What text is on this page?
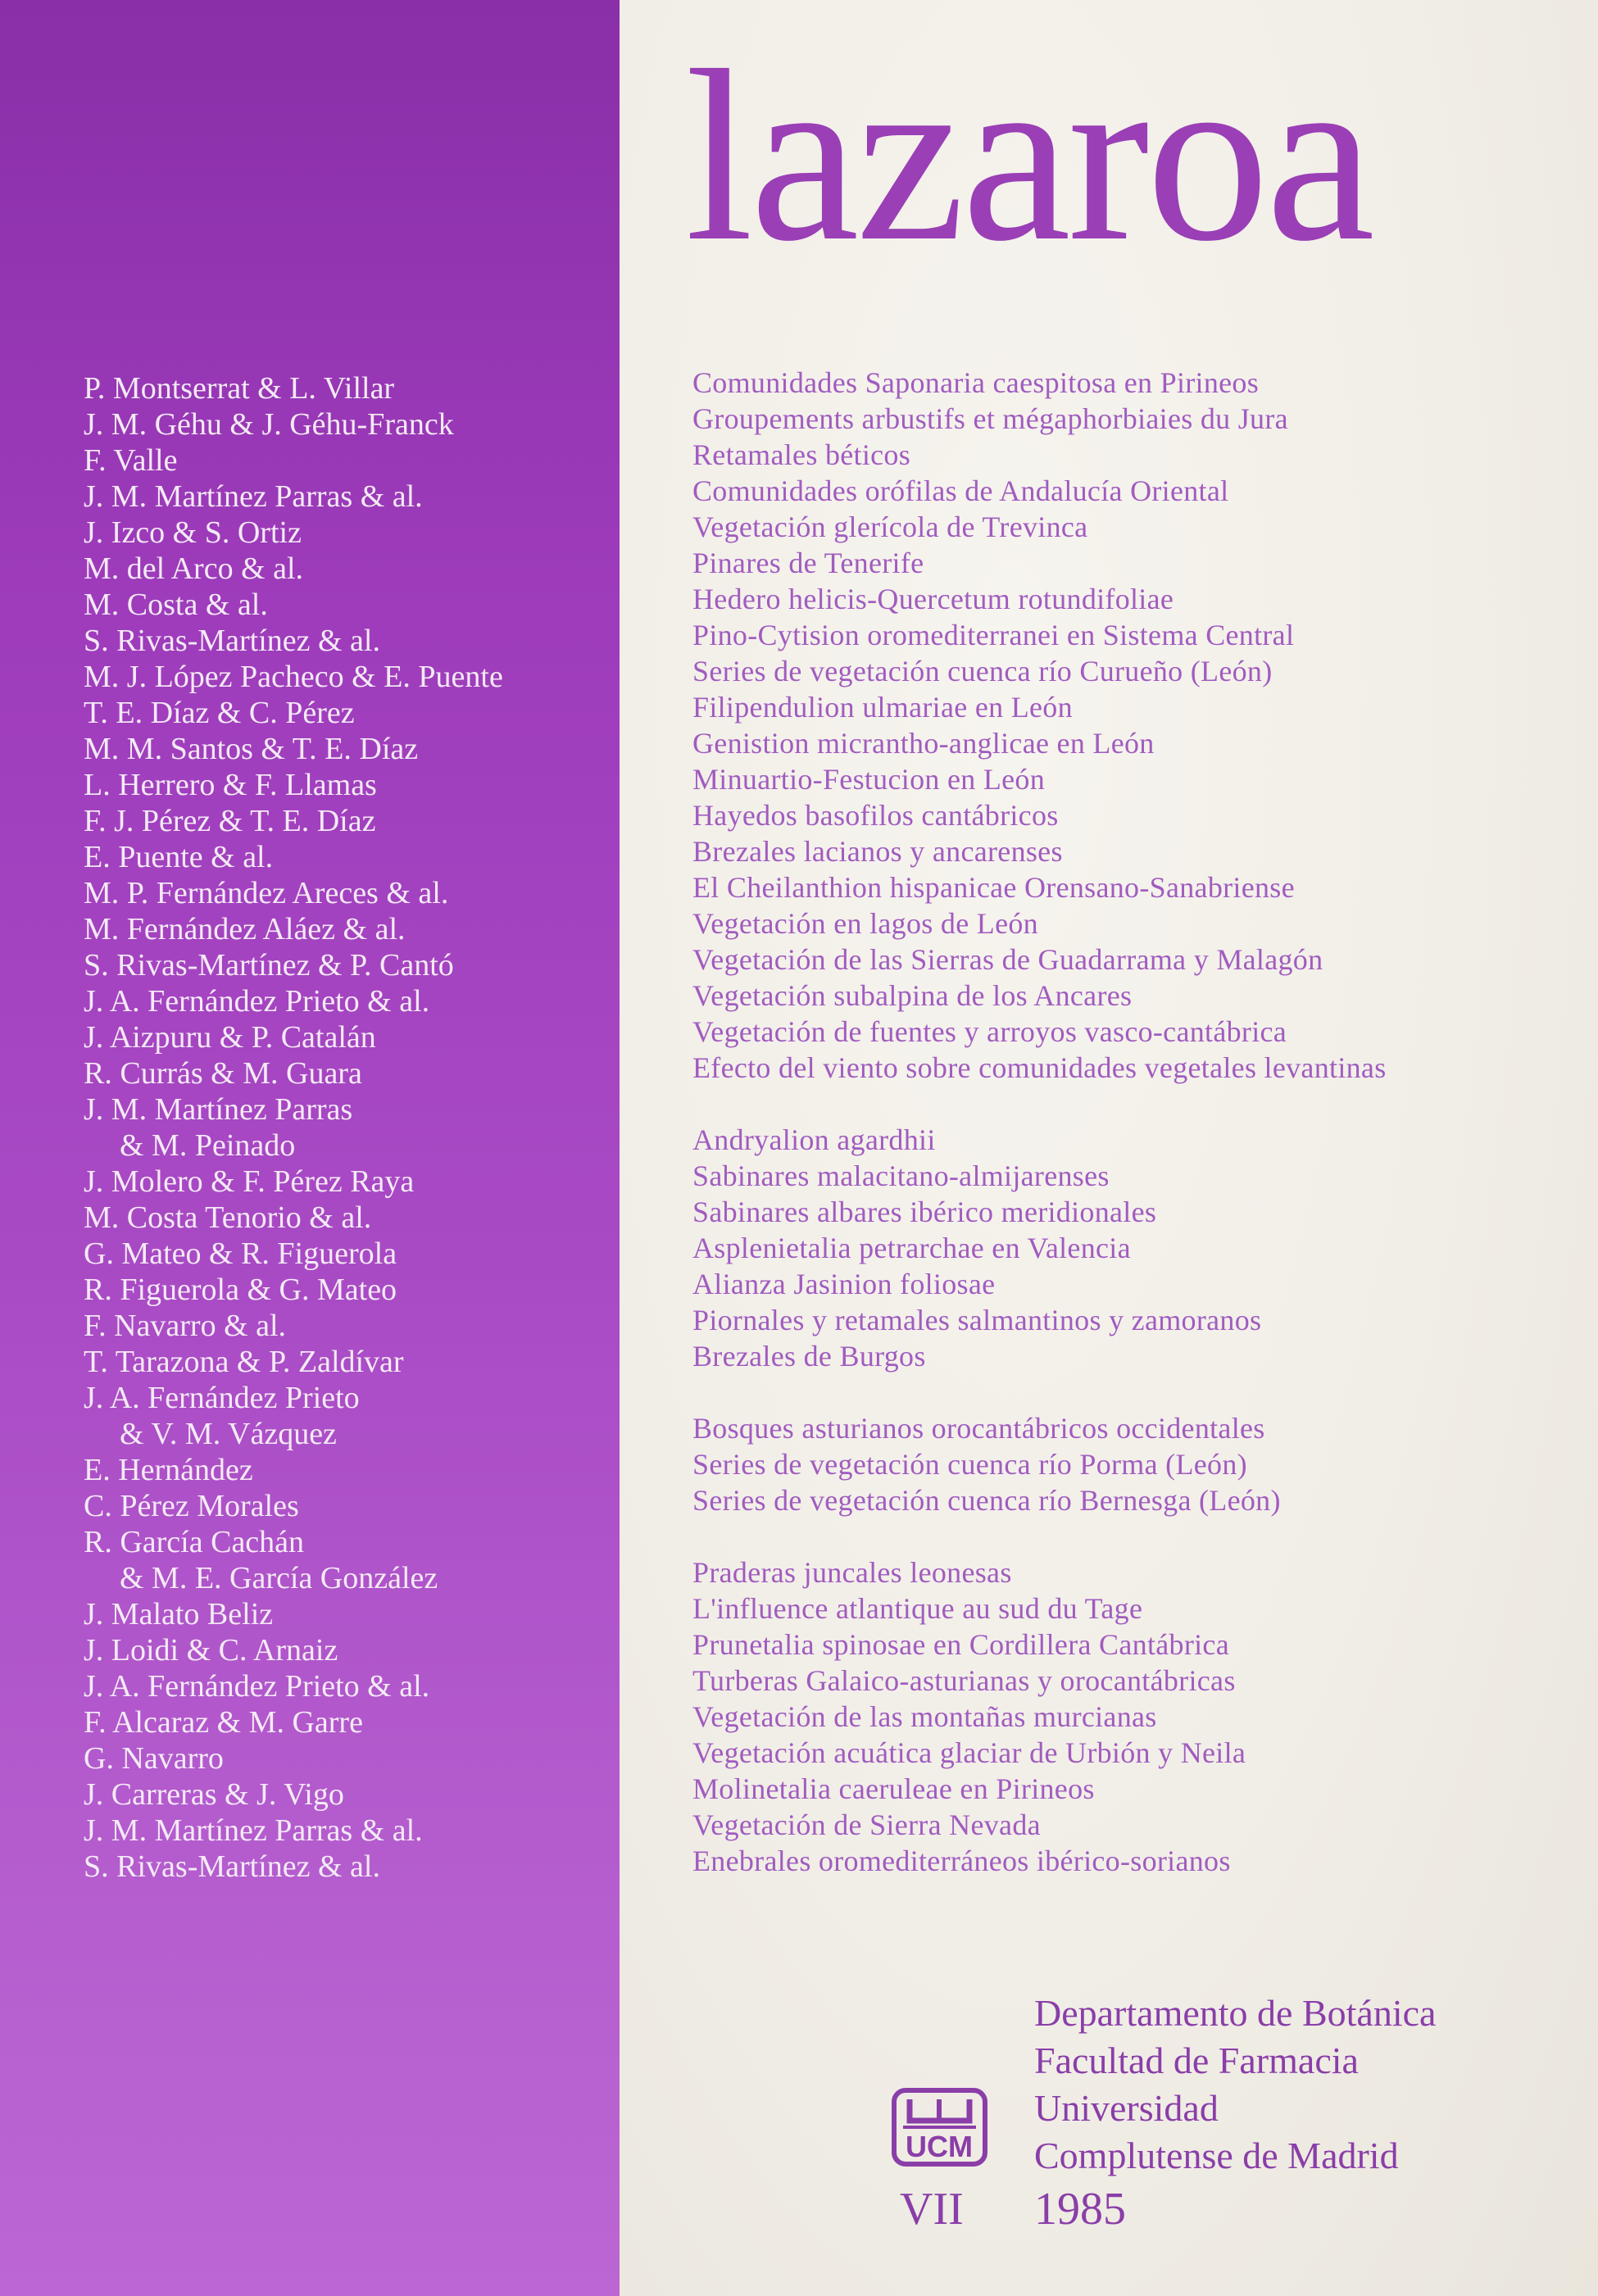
P. Montserrat & L. Villar
J. M. Géhu & J. Géhu-Franck
F. Valle
J. M. Martínez Parras & al.
J. Izco & S. Ortiz
M. del Arco & al.
M. Costa & al.
S. Rivas-Martínez & al.
M. J. López Pacheco & E. Puente
T. E. Díaz & C. Pérez
M. M. Santos & T. E. Díaz
L. Herrero & F. Llamas
F. J. Pérez & T. E. Díaz
E. Puente & al.
M. P. Fernández Areces & al.
M. Fernández Aláez & al.
S. Rivas-Martínez & P. Cantó
J. A. Fernández Prieto & al.
J. Aizpuru & P. Catalán
R. Currás & M. Guara
J. M. Martínez Parras
& M. Peinado
J. Molero & F. Pérez Raya
M. Costa Tenorio & al.
G. Mateo & R. Figuerola
R. Figuerola & G. Mateo
F. Navarro & al.
T. Tarazona & P. Zaldívar
J. A. Fernández Prieto
& V. M. Vázquez
E. Hernández
C. Pérez Morales
R. García Cachán
& M. E. García González
J. Malato Beliz
J. Loidi & C. Arnaiz
J. A. Fernández Prieto & al.
F. Alcaraz & M. Garre
G. Navarro
J. Carreras & J. Vigo
J. M. Martínez Parras & al.
S. Rivas-Martínez & al.
lazaroa
Comunidades Saponaria caespitosa en Pirineos
Groupements arbustifs et mégaphorbiaies du Jura
Retamales béticos
Comunidades orófilas de Andalucía Oriental
Vegetación glerícola de Trevinca
Pinares de Tenerife
Hedero helicis-Quercetum rotundifoliae
Pino-Cytision oromediterranei en Sistema Central
Series de vegetación cuenca río Curueño (León)
Filipendulion ulmariae en León
Genistion micrantho-anglicae en León
Minuartio-Festucion en León
Hayedos basofilos cantábricos
Brezales lacianos y ancarenses
El Cheilanthion hispanicae Orensano-Sanabriense
Vegetación en lagos de León
Vegetación de las Sierras de Guadarrama y Malagón
Vegetación subalpina de los Ancares
Vegetación de fuentes y arroyos vasco-cantábrica
Efecto del viento sobre comunidades vegetales levantinas
Andryalion agardhii
Sabinares malacitano-almijarenses
Sabinares albares ibérico meridionales
Asplenietalia petrarchae en Valencia
Alianza Jasinion foliosae
Piornales y retamales salmantinos y zamoranos
Brezales de Burgos
Bosques asturianos orocantábricos occidentales
Series de vegetación cuenca río Porma (León)
Series de vegetación cuenca río Bernesga (León)
Praderas juncales leonesas
L'influence atlantique au sud du Tage
Prunetalia spinosae en Cordillera Cantábrica
Turberas Galaico-asturianas y orocantábricas
Vegetación de las montañas murcianas
Vegetación acuática glaciar de Urbión y Neila
Molinetalia caeruleae en Pirineos
Vegetación de Sierra Nevada
Enebrales oromediterráneos ibérico-sorianos
Departamento de Botánica
Facultad de Farmacia
Universidad
Complutense de Madrid
UCM
VII 1985
